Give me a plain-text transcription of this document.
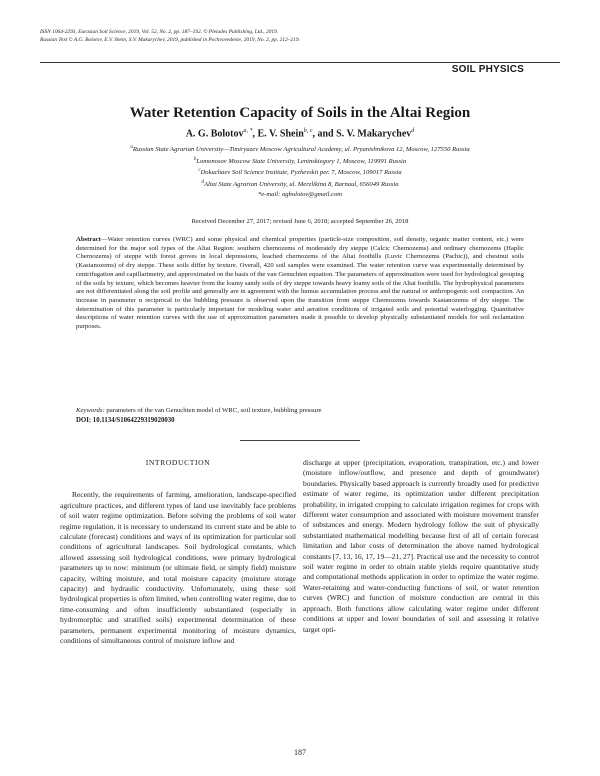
ISSN 1064-2293, Eurasian Soil Science, 2019, Vol. 52, No. 2, pp. 187–192. © Pleiades Publishing, Ltd., 2019.
Russian Text © A.G. Bolotov, E.V. Shein, S.V. Makarychev, 2019, published in Pochvovedenie, 2019, No. 2, pp. 212–219.
SOIL PHYSICS
Water Retention Capacity of Soils in the Altai Region
A. G. Bolotov$^{a, *}$, E. V. Shein$^{b, c}$, and S. V. Makarychev$^d$
$^a$Russian State Agrarian University—Timiryazev Moscow Agricultural Academy, ul. Pryanishnikova 12, Moscow, 127550 Russia
$^b$Lomonosov Moscow State University, Leninskiegory 1, Moscow, 119991 Russia
$^c$Dokuchaev Soil Science Institute, Pyzhevskii per. 7, Moscow, 109017 Russia
$^d$Altai State Agrarian University, ul. Merzlikina 8, Barnaul, 656049 Russia
*e-mail: agbolotov@gmail.com
Received December 27, 2017; revised June 6, 2018; accepted September 26, 2018
Abstract—Water retention curves (WRC) and some physical and chemical properties (particle-size composition, soil density, organic matter content, etc.) were determined for the major soil types of the Altai Region: southern chernozems of moderately dry steppe (Calcic Chernozems) and ordinary chernozems (Haplic Chernozems) of steppe with forest groves in local depressions, leached chernozems of the Altai foothills (Luvic Chernozems (Pachic)), and chestnut soils (Kastanozems) of dry steppe. These soils differ by texture. Overall, 420 soil samples were examined. The water retention curve was experimentally determined by centrifugation and capillarimetry, and approximated on the basis of the van Genuchten equation. The parameters of approximation were used for hydrological grouping of the soils by texture, which becomes heavier from the loamy sandy soils of dry steppe towards heavy loamy soils of the Altai foothills. The hydrophysical parameters are not differentiated along the soil profile and generally are in agreement with the humus accumulation process and the natural or anthropogenic soil compaction. An increase in parameter α reciprocal to the bubbling pressure is observed upon the transition from steppe Chernozems towards Kastanozems of dry steppe. The determination of this parameter is particularly important for modeling water and aeration conditions of irrigated soils and potential waterlogging. Quantitative descriptions of water retention curves with the use of approximation parameters made it possible to develop physically substantiated models for soil reclamation purposes.
Keywords: parameters of the van Genuchten model of WRC, soil texture, bubbling pressure
DOI: 10.1134/S1064229319020030
INTRODUCTION

Recently, the requirements of farming, amelioration, landscape-specified agriculture practices, and different types of land use inevitably face problems of soil water regime optimization. Before solving the problems of soil water regime regulation, it is necessary to understand its current state and be able to calculate (forecast) conditions and ways of its optimization for particular soil conditions of agricultural landscapes. Soil hydrological constants, which allowed assessing soil hydrological conditions, were primary hydrological parameters up to now: minimum (or ultimate field, or simply field) moisture capacity, wilting moisture, and total moisture capacity (moisture storage capacity) and hydraulic conductivity. Unfortunately, using these soil hydrological properties is often limited, when controlling water regime, due to time-consuming and often insufficiently substantiated (especially in hydromorphic and stratified soils) experimental determination of these parameters, permanent experimental monitoring of moisture dynamics, conditions of simultaneous control of moisture inflow and

discharge at upper (precipitation, evaporation, transpiration, etc.) and lower (moisture inflow/outflow, and presence and depth of groundwater) boundaries. Physically based approach is currently broadly used for predictive estimate of water regime, its optimization under different precipitation probability, in irrigated cropping to calculate irrigation regimes for crops with different water consumption and associated with moisture movement transfer of substances and energy. Modern hydrology follow the suit of physically substantiated mathematical modelling because first of all of certain forecast limitation and labor costs of determination the above named hydrological constants [7, 13, 16, 17, 19—21, 27]. Practical use and the necessity to control soil water regime in order to obtain stable yields require quantitative study and computational methods application in order to optimize the water regime. Water-retaining and water-conducting functions of soil, or water retention curves (WRC) and function of moisture conduction are central in this approach. Both functions allow calculating water regime under different conditions at upper and lower boundaries of soil and assessing it relative target opti-

187
